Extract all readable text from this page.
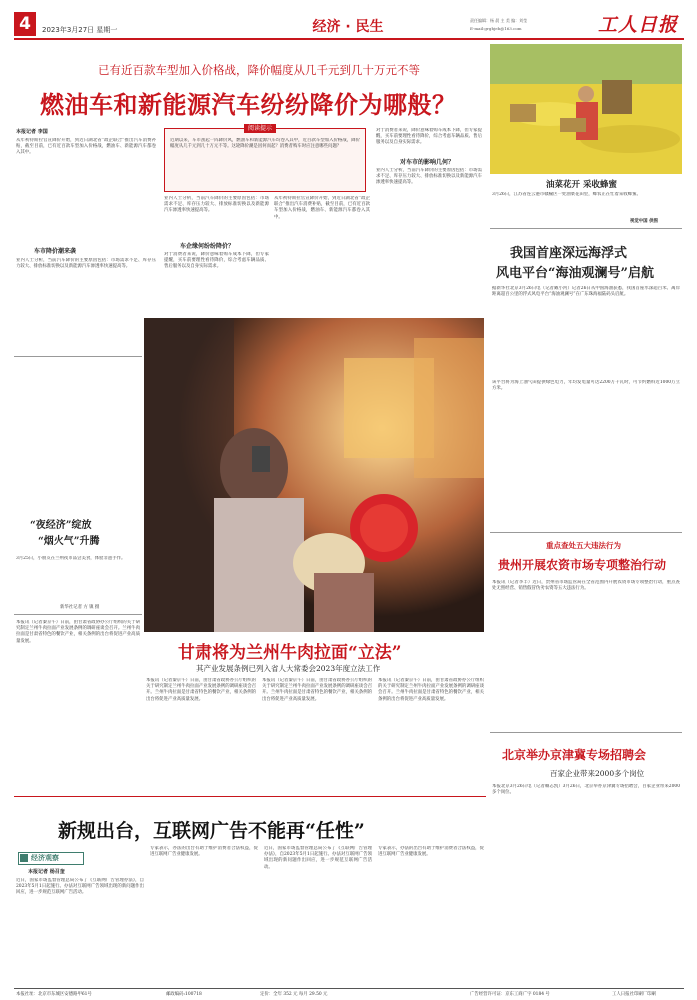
4	2023年3月27日 星期一	经济 · 民生	责任编辑：杨 晨 主 美 编：刘莹
E-mail:grgbjeb@163.com	工人日报
已有近百款车型加入价格战，降价幅度从几千元到几十万元不等
燃油车和新能源汽车纷纷降价为哪般？
本报记者 李国	阅读提示
近期以来，车市刮起一阵降价风，燃油车和新能源汽车均卷入其中，近百款车型加入价格战，降价幅度从几千元到几十万元不等。这轮降价潮是因何而起？消费者购车时应注意哪些问题？
从年初特斯拉官宣降价开始，到近日湖北省“政企联合”推出汽车消费补贴，截至目前，已有近百款车型加入价格战，燃油车、新能源汽车都卷入其中。
车市降价潮来袭
业内人士分析，当前汽车降价的主要原因包括：市场需求不足、库存压力较大、排放标准切换以及新能源汽车渗透率快速提高等。
业内人士分析，当前汽车降价的主要原因包括：市场需求不足、库存压力较大、排放标准切换以及新能源汽车渗透率快速提高等。
车企缘何纷纷降价？
对于消费者来说，降价意味着购车成本下降，但专家提醒，买车前要理性看待降价，综合考虑车辆品质、售后服务以及自身实际需求。
从年初特斯拉官宣降价开始，到近日湖北省“政企联合”推出汽车消费补贴，截至目前，已有近百款车型加入价格战，燃油车、新能源汽车都卷入其中。
对于消费者来说，降价意味着购车成本下降，但专家提醒，买车前要理性看待降价，综合考虑车辆品质、售后服务以及自身实际需求。
对车市的影响几何？
业内人士分析，当前汽车降价的主要原因包括：市场需求不足、库存压力较大、排放标准切换以及新能源汽车渗透率快速提高等。	油菜花开 采收蜂蜜
3月26日，江苏省连云港市赣榆区一处油菜花田里，蜂农正在忙着采收蜂蜜。
视觉中国 供图
我国首座深远海浮式
风电平台“海油观澜号”启航
据新华社北京3月26日电（记者戴小河）记者26日从中国海油获悉，我国首座水深超百米、离岸距离超百公里的浮式风电平台“海油观澜号”在广东珠海福陆码头启航。
该平台将为海上油气田提供绿色电力，年均发电量可达2200万千瓦时，可节约燃料近1000万立方米。
重点查处五大违法行为
贵州开展农资市场专项整治行动
本报讯（记者李丰）近日，贵州省市场监管局在全省范围内开展农资市场专项整治行动，重点查处无照经营、销售假冒伪劣农资等五大违法行为。
北京举办京津冀专场招聘会
百家企业带来2000多个岗位
本报北京3月26日电（记者赖志凯）3月26日，北京举办京津冀专场招聘会，百家企业带来2000多个岗位。
“夜经济”绽放
“烟火气”升腾
3月25日，小朋友在兰州夜市品尝美食，体验非遗手作。
新华社记者 方 镇 摄
甘肃将为兰州牛肉拉面“立法”
其产业发展条例已列入省人大常委会2023年度立法工作
本报讯（记者秦京午）日前，由甘肃省政协办公厅组织的关于研究制定兰州牛肉拉面产业发展条例的调研座谈会召开。兰州牛肉拉面是甘肃省特色的餐饮产业，相关条例的出台将促进产业高质量发展。
本报讯（记者秦京午）日前，由甘肃省政协办公厅组织的关于研究制定兰州牛肉拉面产业发展条例的调研座谈会召开。兰州牛肉拉面是甘肃省特色的餐饮产业，相关条例的出台将促进产业高质量发展。
本报讯（记者秦京午）日前，由甘肃省政协办公厅组织的关于研究制定兰州牛肉拉面产业发展条例的调研座谈会召开。兰州牛肉拉面是甘肃省特色的餐饮产业，相关条例的出台将促进产业高质量发展。
本报讯（记者秦京午）日前，由甘肃省政协办公厅组织的关于研究制定兰州牛肉拉面产业发展条例的调研座谈会召开。兰州牛肉拉面是甘肃省特色的餐饮产业，相关条例的出台将促进产业高质量发展。
新规出台，互联网广告不能再“任性”
经济观察
本报记者 杨召奎
近日，国家市场监督管理总局公布了《互联网广告管理办法》，自2023年5月1日起施行。办法对互联网广告领域出现的新问题作出回应，进一步规范互联网广告活动。
专家表示，办法的出台有助于维护消费者合法权益，促进互联网广告业健康发展。
近日，国家市场监督管理总局公布了《互联网广告管理办法》，自2023年5月1日起施行。办法对互联网广告领域出现的新问题作出回应，进一步规范互联网广告活动。
专家表示，办法的出台有助于维护消费者合法权益，促进互联网广告业健康发展。
本报社址：北京市东城区安德路甲61号	邮政编码:100718	定价：全年 352 元 每月 29.50 元	广告经营许可证：京东工商广字 0184 号	工人日报社印刷厂印刷
